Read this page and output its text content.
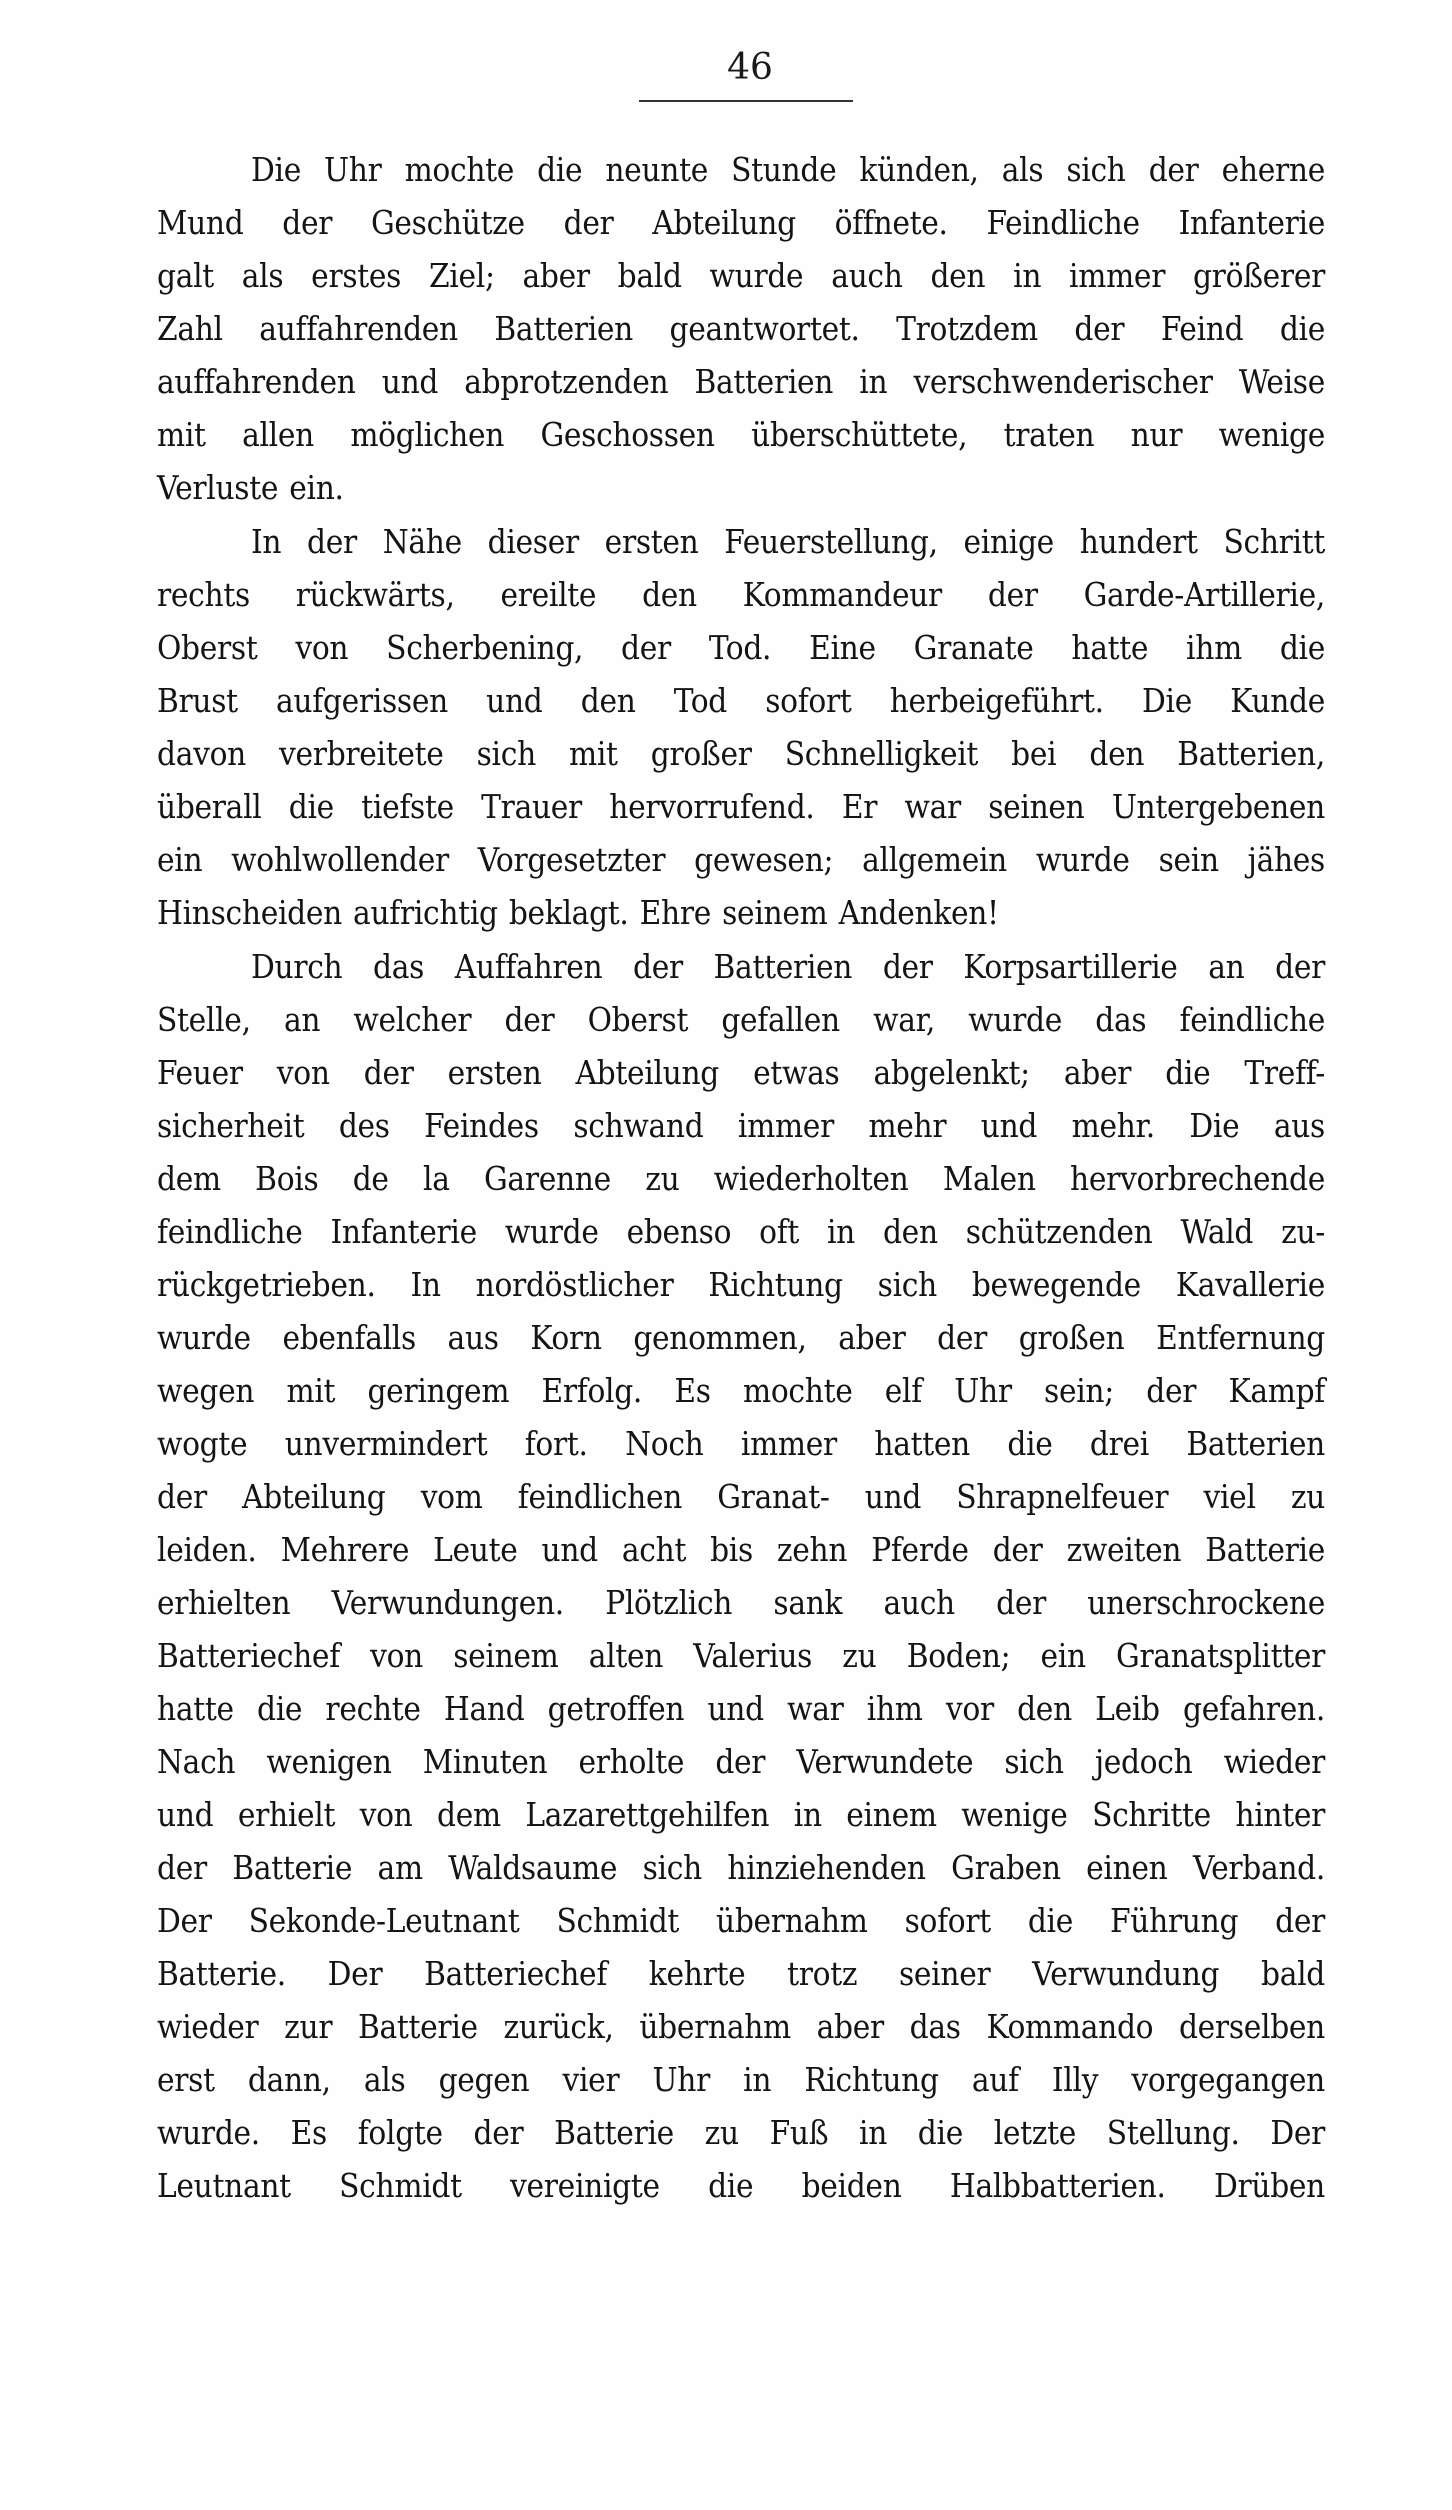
46
Die Uhr mochte die neunte Stunde künden, als sich der eherne
Mund der Geschütze der Abteilung öffnete. Feindliche Infanterie
galt als erstes Ziel; aber bald wurde auch den in immer größerer
Zahl auffahrenden Batterien geantwortet. Trotzdem der Feind die
auffahrenden und abprotzenden Batterien in verschwenderischer Weise
mit allen möglichen Geschossen überschüttete, traten nur wenige
Verluste ein.
In der Nähe dieser ersten Feuerstellung, einige hundert Schritt
rechts rückwärts, ereilte den Kommandeur der Garde-Artillerie,
Oberst von Scherbening, der Tod. Eine Granate hatte ihm die
Brust aufgerissen und den Tod sofort herbeigeführt. Die Kunde
davon verbreitete sich mit großer Schnelligkeit bei den Batterien,
überall die tiefste Trauer hervorrufend. Er war seinen Untergebenen
ein wohlwollender Vorgesetzter gewesen; allgemein wurde sein jähes
Hinscheiden aufrichtig beklagt. Ehre seinem Andenken!
Durch das Auffahren der Batterien der Korpsartillerie an der
Stelle, an welcher der Oberst gefallen war, wurde das feindliche
Feuer von der ersten Abteilung etwas abgelenkt; aber die Treff-
sicherheit des Feindes schwand immer mehr und mehr. Die aus
dem Bois de la Garenne zu wiederholten Malen hervorbrechende
feindliche Infanterie wurde ebenso oft in den schützenden Wald zu-
rückgetrieben. In nordöstlicher Richtung sich bewegende Kavallerie
wurde ebenfalls aus Korn genommen, aber der großen Entfernung
wegen mit geringem Erfolg. Es mochte elf Uhr sein; der Kampf
wogte unvermindert fort. Noch immer hatten die drei Batterien
der Abteilung vom feindlichen Granat- und Shrapnelfeuer viel zu
leiden. Mehrere Leute und acht bis zehn Pferde der zweiten Batterie
erhielten Verwundungen. Plötzlich sank auch der unerschrockene
Batteriechef von seinem alten Valerius zu Boden; ein Granatsplitter
hatte die rechte Hand getroffen und war ihm vor den Leib gefahren.
Nach wenigen Minuten erholte der Verwundete sich jedoch wieder
und erhielt von dem Lazarettgehilfen in einem wenige Schritte hinter
der Batterie am Waldsaume sich hinziehenden Graben einen Verband.
Der Sekonde-Leutnant Schmidt übernahm sofort die Führung der
Batterie. Der Batteriechef kehrte trotz seiner Verwundung bald
wieder zur Batterie zurück, übernahm aber das Kommando derselben
erst dann, als gegen vier Uhr in Richtung auf Illy vorgegangen
wurde. Es folgte der Batterie zu Fuß in die letzte Stellung. Der
Leutnant Schmidt vereinigte die beiden Halbbatterien. Drüben
